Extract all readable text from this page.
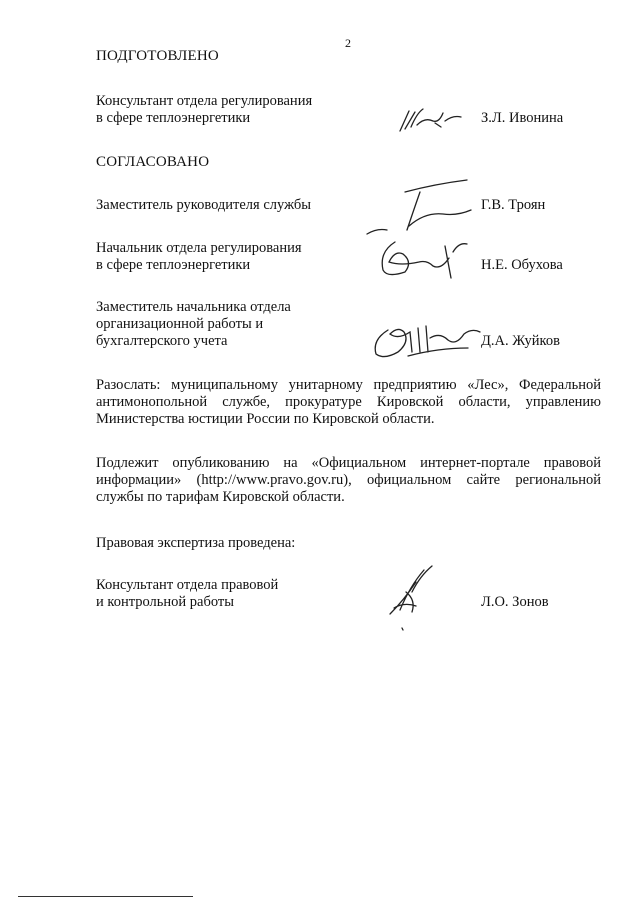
2
ПОДГОТОВЛЕНО
Консультант отдела регулирования
в сфере теплоэнергетики	З.Л. Ивонина
СОГЛАСОВАНО
Заместитель руководителя службы	Г.В. Троян
Начальник отдела регулирования
в сфере теплоэнергетики	Н.Е. Обухова
Заместитель начальника отдела
организационной работы и
бухгалтерского учета	Д.А. Жуйков
Разослать: муниципальному унитарному предприятию «Лес», Федеральной антимонопольной службе, прокуратуре Кировской области, управлению Министерства юстиции России по Кировской области.
Подлежит опубликованию на «Официальном интернет-портале правовой информации» (http://www.pravo.gov.ru), официальном сайте региональной службы по тарифам Кировской области.
Правовая экспертиза проведена:
Консультант отдела правовой
и контрольной работы	Л.О. Зонов
